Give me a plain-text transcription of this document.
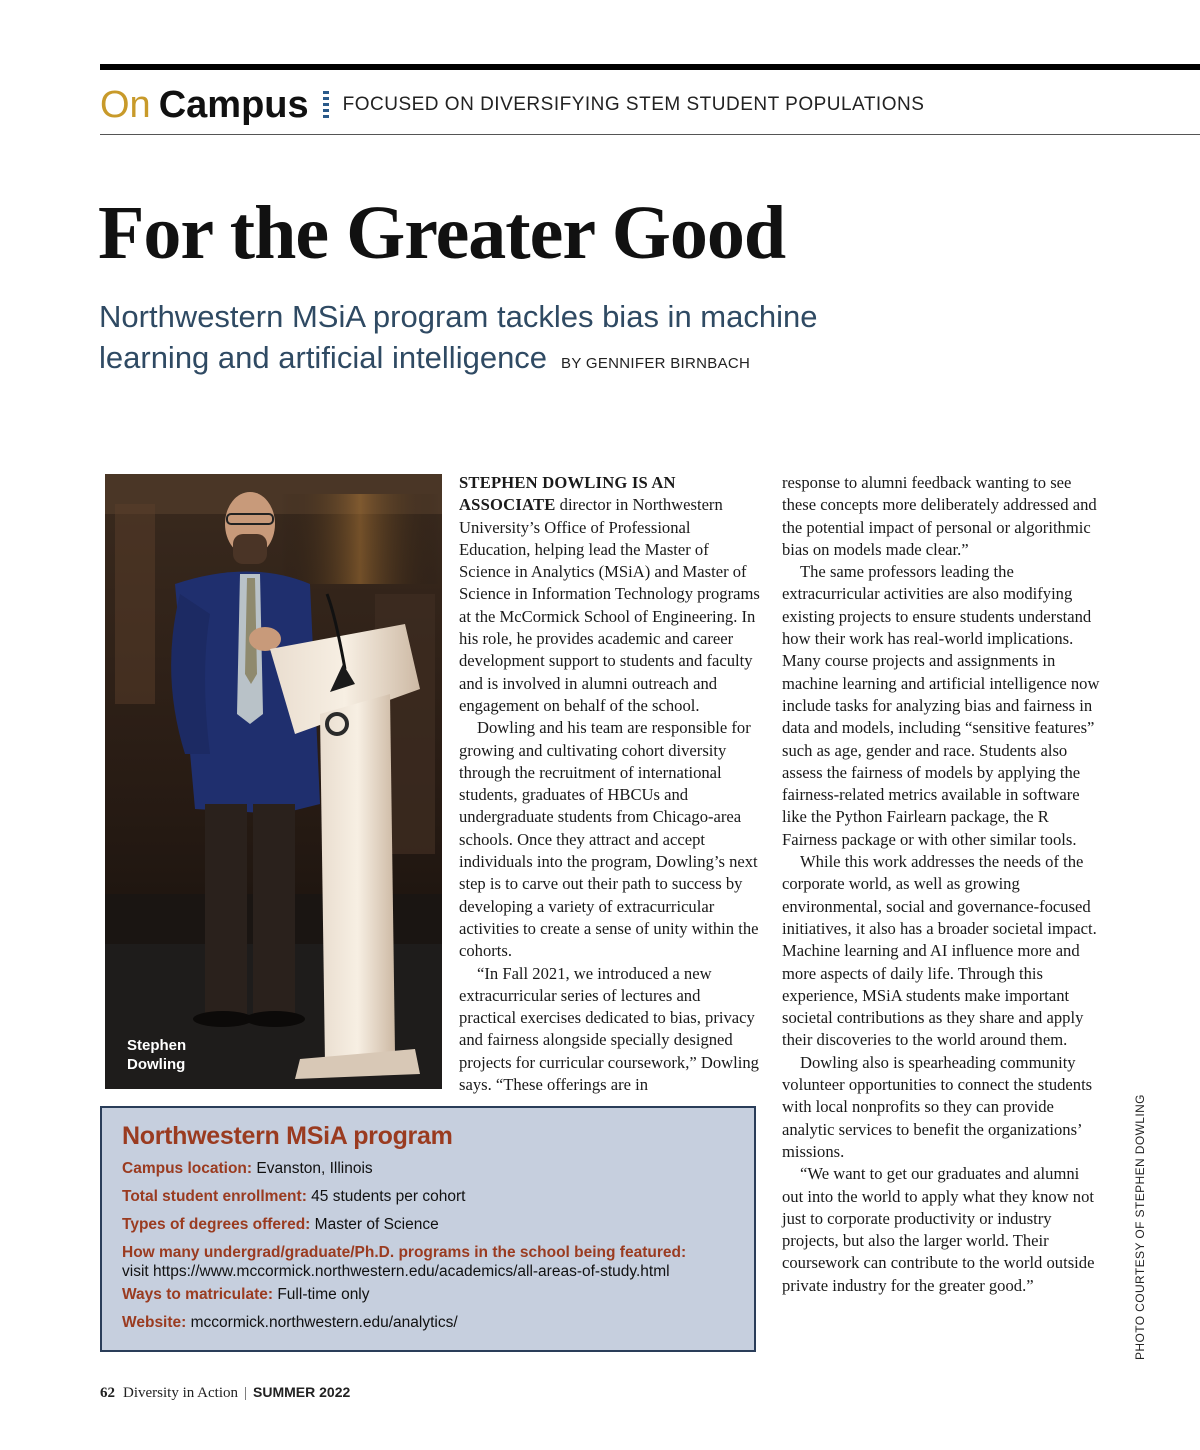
On Campus FOCUSED ON DIVERSIFYING STEM STUDENT POPULATIONS
For the Greater Good

Northwestern MSiA program tackles bias in machine learning and artificial intelligence BY GENNIFER BIRNBACH

Stephen
Dowling

STEPHEN DOWLING IS AN ASSOCIATE director in Northwestern University’s Office of Professional Education, helping lead the Master of Science in Analytics (MSiA) and Master of Science in Information Technology programs at the McCormick School of Engineering. In his role, he provides academic and career development support to students and faculty and is involved in alumni outreach and engagement on behalf of the school.

Dowling and his team are responsible for growing and cultivating cohort diversity through the recruitment of international students, graduates of HBCUs and undergraduate students from Chicago-area schools. Once they attract and accept individuals into the program, Dowling’s next step is to carve out their path to success by developing a variety of extracurricular activities to create a sense of unity within the cohorts.

“In Fall 2021, we introduced a new extracurricular series of lectures and practical exercises dedicated to bias, privacy and fairness alongside specially designed projects for curricular coursework,” Dowling says. “These offerings are in

response to alumni feedback wanting to see these concepts more deliberately addressed and the potential impact of personal or algorithmic bias on models made clear.”

The same professors leading the extracurricular activities are also modifying existing projects to ensure students understand how their work has real-world implications. Many course projects and assignments in machine learning and artificial intelligence now include tasks for analyzing bias and fairness in data and models, including “sensitive features” such as age, gender and race. Students also assess the fairness of models by applying the fairness-related metrics available in software like the Python Fairlearn package, the R Fairness package or with other similar tools.

While this work addresses the needs of the corporate world, as well as growing environmental, social and governance-focused initiatives, it also has a broader societal impact. Machine learning and AI influence more and more aspects of daily life. Through this experience, MSiA students make important societal contributions as they share and apply their discoveries to the world around them.

Dowling also is spearheading community volunteer opportunities to connect the students with local nonprofits so they can provide analytic services to benefit the organizations’ missions.

“We want to get our graduates and alumni out into the world to apply what they know not just to corporate productivity or industry projects, but also the larger world. Their coursework can contribute to the world outside private industry for the greater good.”

Northwestern MSiA program

Campus location: Evanston, Illinois

Total student enrollment: 45 students per cohort

Types of degrees offered: Master of Science

How many undergrad/graduate/Ph.D. programs in the school being featured:
visit https://www.mccormick.northwestern.edu/academics/all-areas-of-study.html

Ways to matriculate: Full-time only

Website: mccormick.northwestern.edu/analytics/	PHOTO COURTESY OF STEPHEN DOWLING
62 Diversity in Action | SUMMER 2022
